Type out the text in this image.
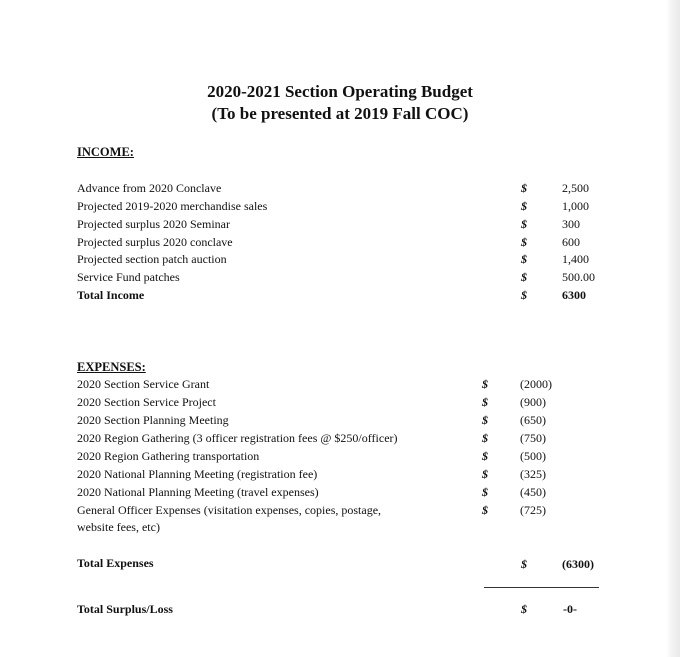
2020-2021 Section Operating Budget
(To be presented at 2019 Fall COC)
INCOME:
Advance from 2020 Conclave	$	2,500
Projected 2019-2020 merchandise sales	$	1,000
Projected surplus 2020 Seminar	$	300
Projected surplus 2020 conclave	$	600
Projected section patch auction	$	1,400
Service Fund patches	$	500.00
Total Income	$	6300
EXPENSES:
2020 Section Service Grant	$	(2000)
2020 Section Service Project	$	(900)
2020 Section Planning Meeting	$	(650)
2020 Region Gathering (3 officer registration fees @ $250/officer)	$	(750)
2020 Region Gathering transportation	$	(500)
2020 National Planning Meeting (registration fee)	$	(325)
2020 National Planning Meeting (travel expenses)	$	(450)
General Officer Expenses (visitation expenses, copies, postage,
website fees, etc)
$	(725)
Total Expenses	$	(6300)
Total Surplus/Loss	$	-0-
